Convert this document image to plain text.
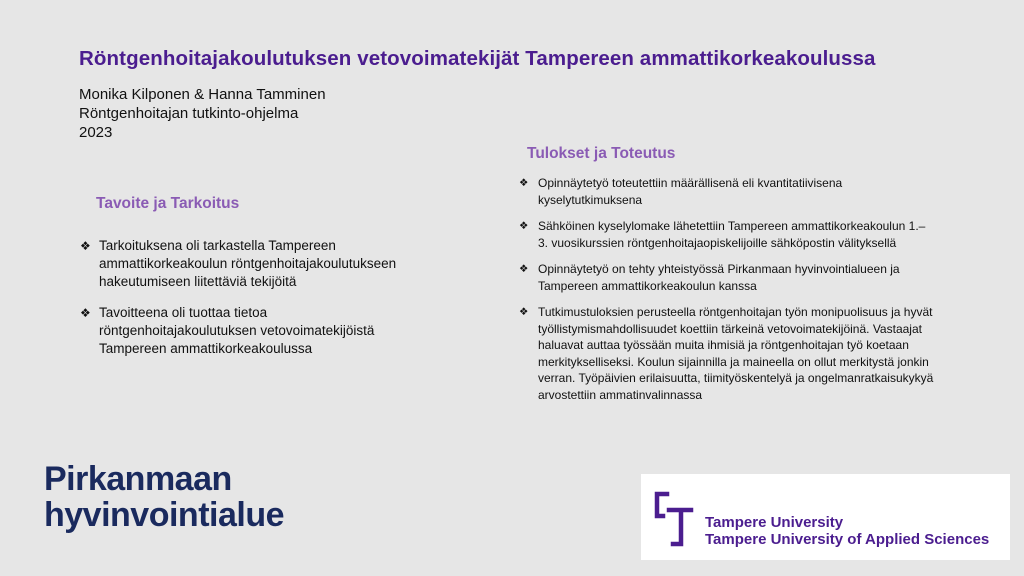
Röntgenhoitajakoulutuksen vetovoimatekijät Tampereen ammattikorkeakoulussa
Monika Kilponen & Hanna Tamminen
Röntgenhoitajan tutkinto-ohjelma
2023
Tavoite ja Tarkoitus
❖ Tarkoituksena oli tarkastella Tampereen ammattikorkeakoulun röntgenhoitajakoulutukseen hakeutumiseen liitettäviä tekijöitä
❖ Tavoitteena oli tuottaa tietoa röntgenhoitajakoulutuksen vetovoimatekijöistä Tampereen ammattikorkeakoulussa
Tulokset ja Toteutus
❖ Opinnäytetyö toteutettiin määrällisenä eli kvantitatiivisena kyselytutkimuksena
❖ Sähköinen kyselylomake lähetettiin Tampereen ammattikorkeakoulun 1.–3. vuosikurssien röntgenhoitajaopiskelijoille sähköpostin välityksellä
❖ Opinnäytetyö on tehty yhteistyössä Pirkanmaan hyvinvointialueen ja Tampereen ammattikorkeakoulun kanssa
❖ Tutkimustuloksien perusteella röntgenhoitajan työn monipuolisuus ja hyvät työllistymismahdollisuudet koettiin tärkeinä vetovoimatekijöinä. Vastaajat haluavat auttaa työssään muita ihmisiä ja röntgenhoitajan työ koetaan merkitykselliseksi. Koulun sijainnilla ja maineella on ollut merkitystä jonkin verran. Työpäivien erilaisuutta, tiimityöskentelyä ja ongelmanratkaisukykyä arvostettiin ammatinvalinnassa
Pirkanmaan
hyvinvointialue	Tampere University
Tampere University of Applied Sciences
